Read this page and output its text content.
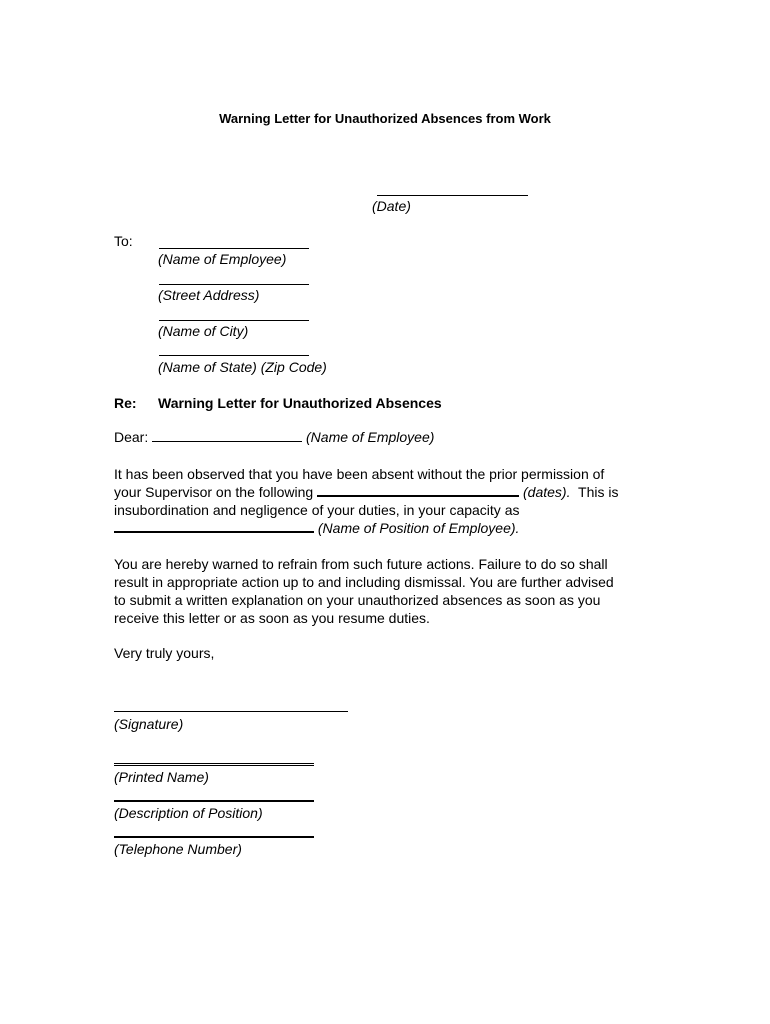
Warning Letter for Unauthorized Absences from Work
(Date)
To:
(Name of Employee)
(Street Address)
(Name of City)
(Name of State) (Zip Code)
Re: Warning Letter for Unauthorized Absences
Dear:	(Name of Employee)

It has been observed that you have been absent without the prior permission of

your Supervisor on the following	(dates). This is

insubordination and negligence of your duties, in your capacity as

(Name of Position of Employee).

You are hereby warned to refrain from such future actions. Failure to do so shall

result in appropriate action up to and including dismissal. You are further advised

to submit a written explanation on your unauthorized absences as soon as you

receive this letter or as soon as you resume duties.

Very truly yours,
(Signature)
(Printed Name)
(Description of Position)
(Telephone Number)
